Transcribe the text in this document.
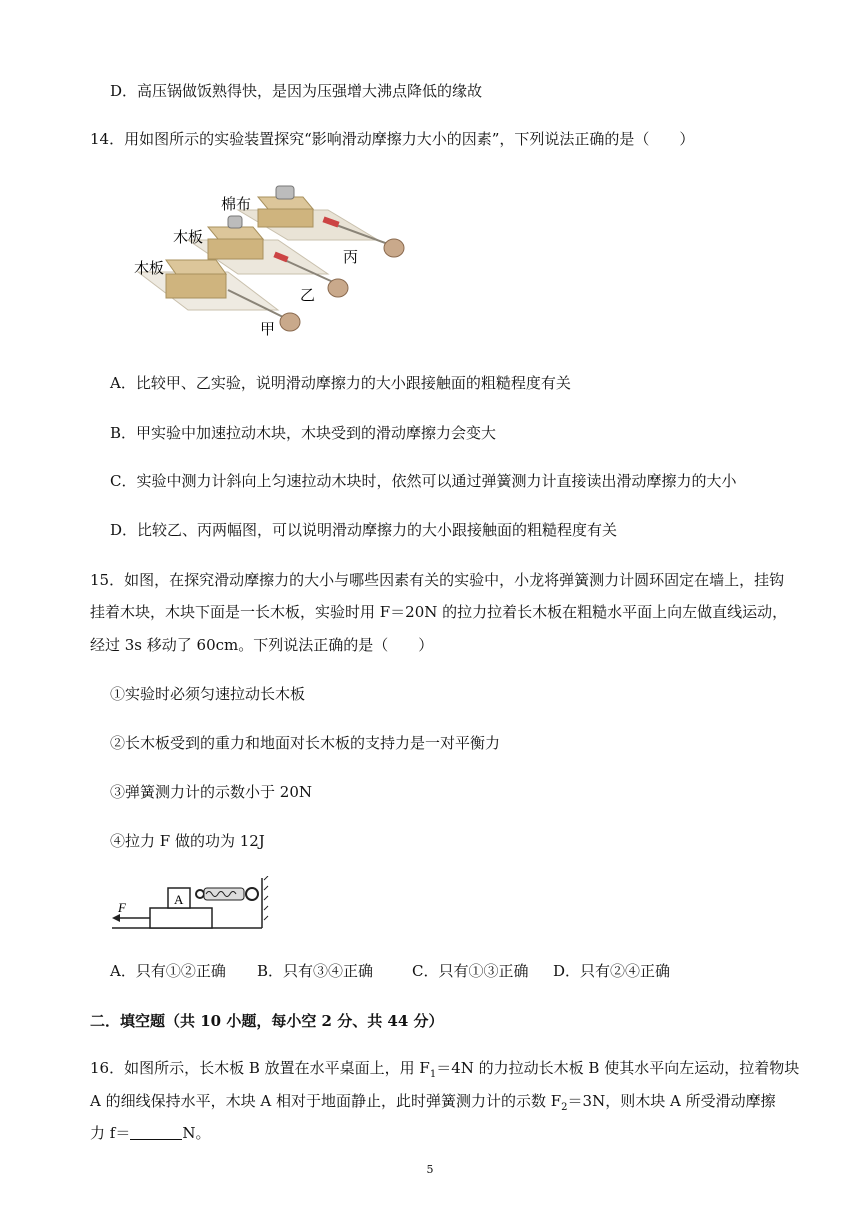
D．高压锅做饭熟得快，是因为压强增大沸点降低的缘故
14．用如图所示的实验装置探究“影响滑动摩擦力大小的因素”，下列说法正确的是（　　）
棉布
木板
木板
丙
乙
甲
A．比较甲、乙实验，说明滑动摩擦力的大小跟接触面的粗糙程度有关
B．甲实验中加速拉动木块，木块受到的滑动摩擦力会变大
C．实验中测力计斜向上匀速拉动木块时，依然可以通过弹簧测力计直接读出滑动摩擦力的大小
D．比较乙、丙两幅图，可以说明滑动摩擦力的大小跟接触面的粗糙程度有关
15．如图，在探究滑动摩擦力的大小与哪些因素有关的实验中，小龙将弹簧测力计圆环固定在墙上，挂钩
挂着木块，木块下面是一长木板，实验时用 F＝20N 的拉力拉着长木板在粗糙水平面上向左做直线运动，
经过 3s 移动了 60cm。下列说法正确的是（　　）
①实验时必须匀速拉动长木板
②长木板受到的重力和地面对长木板的支持力是一对平衡力
③弹簧测力计的示数小于 20N
④拉力 F 做的功为 12J
A
F
A．只有①②正确 B．只有③④正确	C．只有①③正确 D．只有②④正确
二．填空题（共 10 小题，每小空 2 分、共 44 分）
16．如图所示，长木板 B 放置在水平桌面上，用 $F_1=4N$ 的力拉动长木板 B 使其水平向左运动，拉着物块
A 的细线保持水平，木块 A 相对于地面静止，此时弹簧测力计的示数 $F_2=3N$，则木块 A 所受滑动摩擦
力 f＝	N。
5
